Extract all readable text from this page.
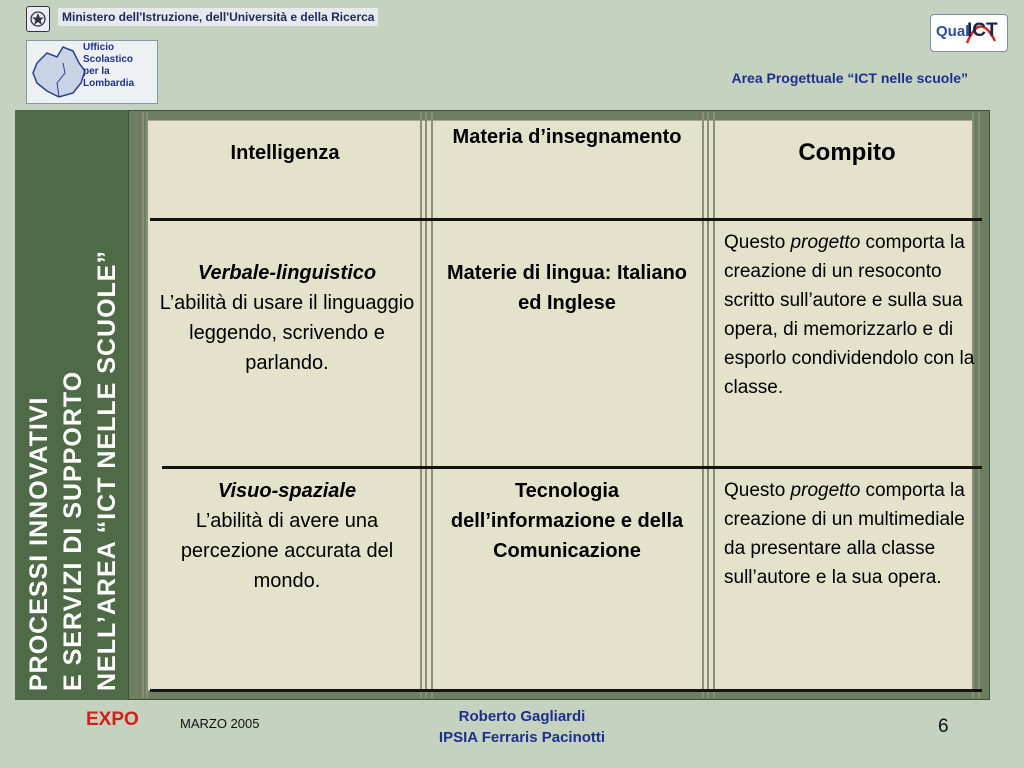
Ministero dell'Istruzione, dell'Università e della Ricerca
Ufficio
Scolastico
per la
Lombardia
Qual
ICT
Area Progettuale “ICT nelle scuole”
PROCESSI INNOVATIVI E SERVIZI DI SUPPORTO NELL’AREA “ICT NELLE SCUOLE”
Intelligenza
Materia d’insegnamento
Compito
Verbale-linguistico
L’abilità di usare il linguaggio leggendo, scrivendo e parlando.
Materie di lingua: Italiano ed Inglese
Questo progetto comporta la creazione di un resoconto scritto sull’autore e sulla sua opera, di memorizzarlo e di esporlo condividendolo con la classe.
Visuo-spaziale
L’abilità di avere una percezione accurata del mondo.
Tecnologia dell’informazione e della Comunicazione
Questo progetto comporta la creazione di un multimediale da presentare alla classe sull’autore e la sua opera.
EXPO	MARZO 2005	Roberto Gagliardi
IPSIA Ferraris Pacinotti
6
